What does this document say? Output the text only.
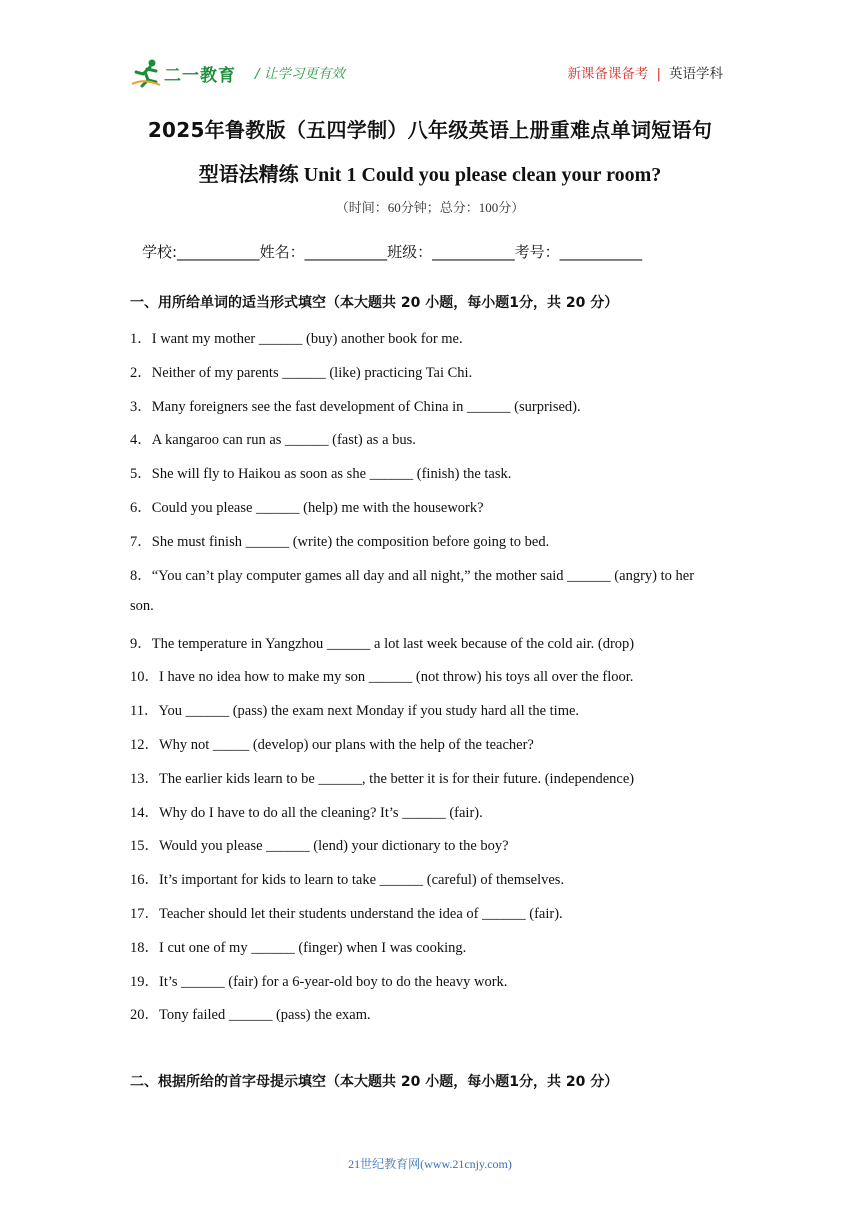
二一教育 / 让学习更有效	新课备课备考 | 英语学科
2025年鲁教版（五四学制）八年级英语上册重难点单词短语句
型语法精练 Unit 1 Could you please clean your room?
（时间：60分钟；总分：100分）
学校:___________姓名：___________班级：___________考号：___________
一、用所给单词的适当形式填空（本大题共 20 小题，每小题1分，共 20 分）
1．I want my mother ______ (buy) another book for me.
2．Neither of my parents ______ (like) practicing Tai Chi.
3．Many foreigners see the fast development of China in ______ (surprised).
4．A kangaroo can run as ______ (fast) as a bus.
5．She will fly to Haikou as soon as she ______ (finish) the task.
6．Could you please ______ (help) me with the housework?
7．She must finish ______ (write) the composition before going to bed.
8．“You can’t play computer games all day and all night,” the mother said ______ (angry) to her
son.
9．The temperature in Yangzhou ______ a lot last week because of the cold air. (drop)
10．I have no idea how to make my son ______ (not throw) his toys all over the floor.
11．You ______ (pass) the exam next Monday if you study hard all the time.
12．Why not _____ (develop) our plans with the help of the teacher?
13．The earlier kids learn to be ______, the better it is for their future. (independence)
14．Why do I have to do all the cleaning? It’s ______ (fair).
15．Would you please ______ (lend) your dictionary to the boy?
16．It’s important for kids to learn to take ______ (careful) of themselves.
17．Teacher should let their students understand the idea of ______ (fair).
18．I cut one of my ______ (finger) when I was cooking.
19．It’s ______ (fair) for a 6-year-old boy to do the heavy work.
20．Tony failed ______ (pass) the exam.
二、根据所给的首字母提示填空（本大题共 20 小题，每小题1分，共 20 分）
21世纪教育网(www.21cnjy.com)
